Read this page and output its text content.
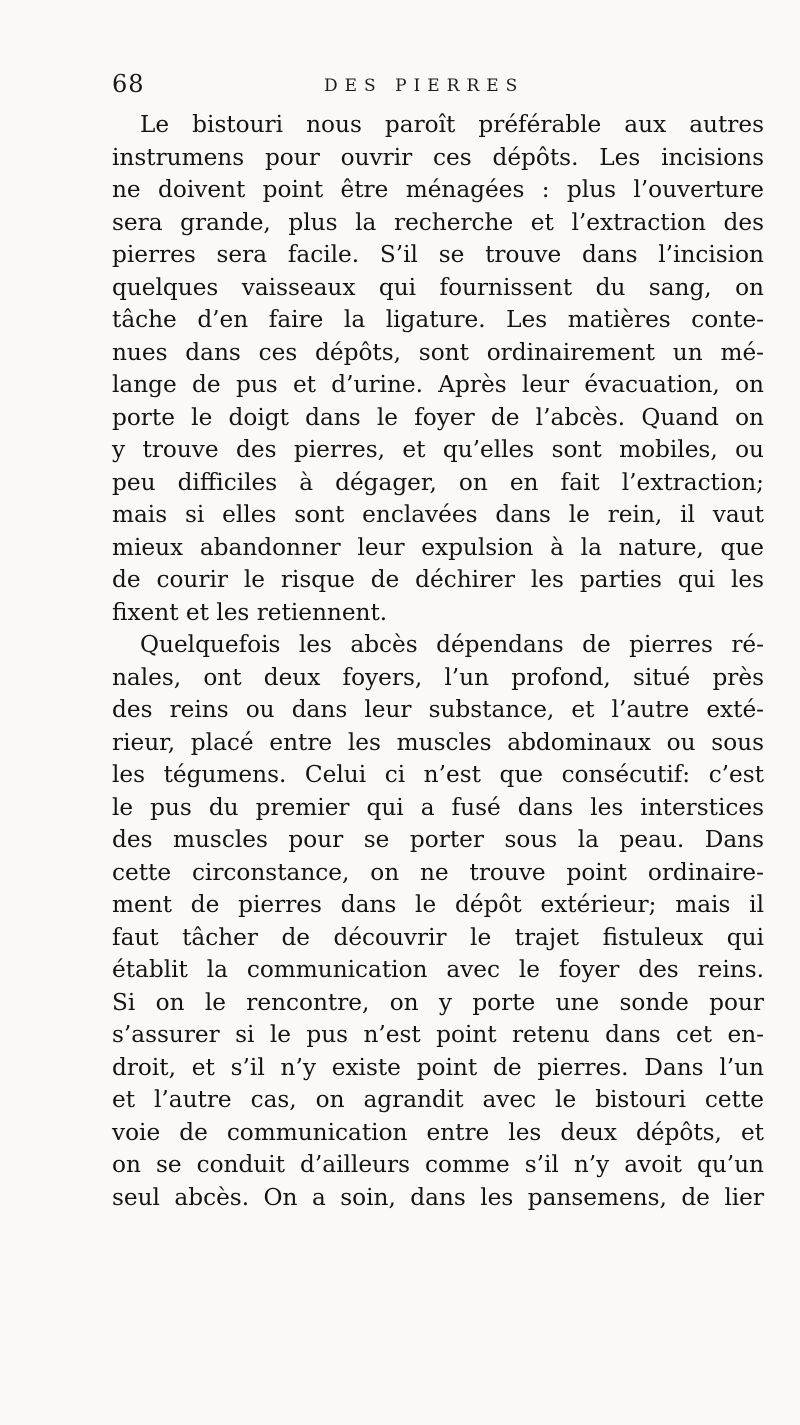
68	DES PIERRES
Le bistouri nous paroît préférable aux autres
instrumens pour ouvrir ces dépôts. Les incisions
ne doivent point être ménagées : plus l’ouverture
sera grande, plus la recherche et l’extraction des
pierres sera facile. S’il se trouve dans l’incision
quelques vaisseaux qui fournissent du sang, on
tâche d’en faire la ligature. Les matières conte-
nues dans ces dépôts, sont ordinairement un mé-
lange de pus et d’urine. Après leur évacuation, on
porte le doigt dans le foyer de l’abcès. Quand on
y trouve des pierres, et qu’elles sont mobiles, ou
peu difficiles à dégager, on en fait l’extraction;
mais si elles sont enclavées dans le rein, il vaut
mieux abandonner leur expulsion à la nature, que
de courir le risque de déchirer les parties qui les
fixent et les retiennent.
Quelquefois les abcès dépendans de pierres ré-
nales, ont deux foyers, l’un profond, situé près
des reins ou dans leur substance, et l’autre exté-
rieur, placé entre les muscles abdominaux ou sous
les tégumens. Celui ci n’est que consécutif: c’est
le pus du premier qui a fusé dans les interstices
des muscles pour se porter sous la peau. Dans
cette circonstance, on ne trouve point ordinaire-
ment de pierres dans le dépôt extérieur; mais il
faut tâcher de découvrir le trajet fistuleux qui
établit la communication avec le foyer des reins.
Si on le rencontre, on y porte une sonde pour
s’assurer si le pus n’est point retenu dans cet en-
droit, et s’il n’y existe point de pierres. Dans l’un
et l’autre cas, on agrandit avec le bistouri cette
voie de communication entre les deux dépôts, et
on se conduit d’ailleurs comme s’il n’y avoit qu’un
seul abcès. On a soin, dans les pansemens, de lier
